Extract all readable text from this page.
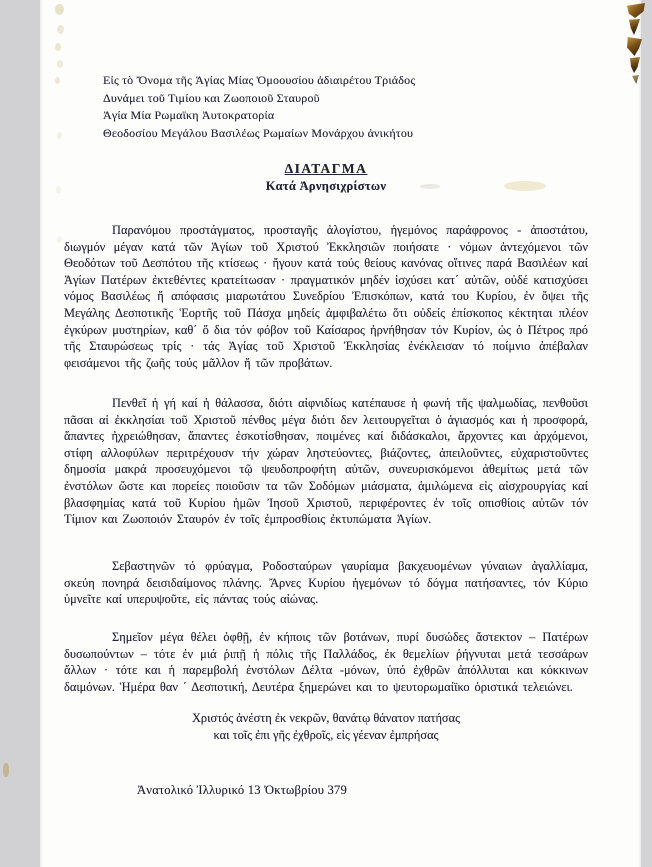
Εἰς τὸ Ὄνομα τῆς Ἁγίας Μίας Ὁμοουσίου ἀδιαιρέτου Τριάδος
Δυνάμει τοῦ Τιμίου και Ζωοποιοῦ Σταυροῦ
Ἁγία Μία Ρωμαϊκη Ἀυτοκρατορία
Θεοδοσίου Μεγάλου Βασιλέως Ρωμαίων Μονάρχου ἀνικήτου
ΔΙΑΤΑΓΜΑ
Κατά Ἀρνησιχρίστων

Παρανόμου προστάγματος, προσταγῆς ἀλογίστου, ἡγεμόνος παράφρονος - ἀποστάτου, διωγμόν μέγαν κατά τῶν Ἁγίων τοῦ Χριστού Ἐκκλησιῶν ποιήσατε · νόμων ἀντεχόμενοι τῶν Θεοδότων τοῦ Δεσπότου τῆς κτίσεως · ἤγουν κατά τούς θείους κανόνας οἵτινες παρά Βασιλέων καί Ἁγίων Πατέρων ἐκτεθέντες κρατείτωσαν · πραγματικόν μηδέν ἰσχύσει κατ΄ αὐτῶν, οὐδέ κατισχύσει νόμος Βασιλέως ἤ απόφασις μιαρωτάτου Συνεδρίου Ἐπισκόπων, κατά του Κυρίου, ἐν ὄψει τῆς Μεγάλης Δεσποτικῆς Ἑορτῆς τοῦ Πάσχα μηδείς ἀμφιβαλέτω ὅτι οὐδείς ἐπίσκοπος κέκτηται πλέον ἐγκύρων μυστηρίων, καθ΄ ὅ δια τόν φόβον τοῦ Καίσαρος ἠρνήθησαν τόν Κυρίον, ὡς ὁ Πέτρος πρό τῆς Σταυρώσεως τρίς · τάς Ἁγίας τοῦ Χριστοῦ Ἐκκλησίας ἐνέκλεισαν τό ποίμνιο ἀπέβαλαν φεισάμενοι τῆς ζωῆς τούς μᾶλλον ἤ τῶν προβάτων.

Πενθεῖ ἡ γή καί ἡ θάλασσα, διότι αἰφνιδίως κατέπαυσε ἡ φωνή τῆς ψαλμωδίας, πενθοῦσι πᾶσαι αἱ ἐκκλησίαι τοῦ Χριστοῦ πένθος μέγα διότι δεν λειτουργεῖται ὁ ἁγιασμός και ἡ προσφορά, ἅπαντες ἠχρειώθησαν, ἅπαντες ἐσκοτίσθησαν, ποιμένες καί διδάσκαλοι, ἄρχοντες και ἀρχόμενοι, στίφη αλλοφύλων περιτρέχουσν τήν χώραν ληστεύοντες, βιάζοντες, ἀπειλοῦντες, εὐχαριστοῦντες δημοσία μακρά προσευχόμενοι τῷ ψευδοπροφήτη αὐτῶν, συνευρισκόμενοι ἀθεμίτως μετά τῶν ἐνστόλων ὥστε και πορείες ποιοῦσιν τα τῶν Σοδόμων μιάσματα, ἁμιλώμενα εἰς αἰσχρουργίας καί βλασφημίας κατά τοῦ Κυρίου ἡμῶν Ἰησοῦ Χριστοῦ, περιφέροντες ἐν τοῖς οπισθίοις αὐτῶν τόν Τίμιον και Ζωοποιόν Σταυρόν ἐν τοῖς ἐμπροσθίοις ἐκτυπώματα Ἁγίων.

Σεβαστηνῶν τό φρύαγμα, Ροδοσταύρων γαυρίαμα βακχευομένων γύναιων ἀγαλλίαμα, σκεύη πονηρά δεισιδαίμονος πλάνης. Ἄρνες Κυρίου ἡγεμόνων τό δόγμα πατήσαντες, τόν Κύριο ὑμνεῖτε καί υπερυψοῦτε, εἰς πάντας τούς αἰώνας.

Σημεῖον μέγα θέλει ὀφθῇ, ἐν κήποις τῶν βοτάνων, πυρί δυσώδες ἄστεκτον – Πατέρων δυσωπούντων – τότε ἐν μιά ῥιπῇ ἡ πόλις τῆς Παλλάδος, ἐκ θεμελίων ῥήγνυται μετά τεσσάρων ἄλλων · τότε και ἡ παρεμβολή ἐνστόλων Δέλτα -μόνων, ὑπό ἐχθρῶν ἀπόλλυται και κόκκινων δαιμόνων. Ἡμέρα θαν ΄ Δεσποτική, Δευτέρα ξημερώνει και το ψευτορωμαίϊκο ὁριστικά τελειώνει.

Χριστός ἀνέστη ἐκ νεκρῶν, θανάτῳ θάνατον πατήσας
και τοῖς ἐπι γῆς ἐχθροῖς, εἰς γέεναν ἐμπρήσας
Ἀνατολικό Ἰλλυρικό 13 Ὀκτωβρίου 379
